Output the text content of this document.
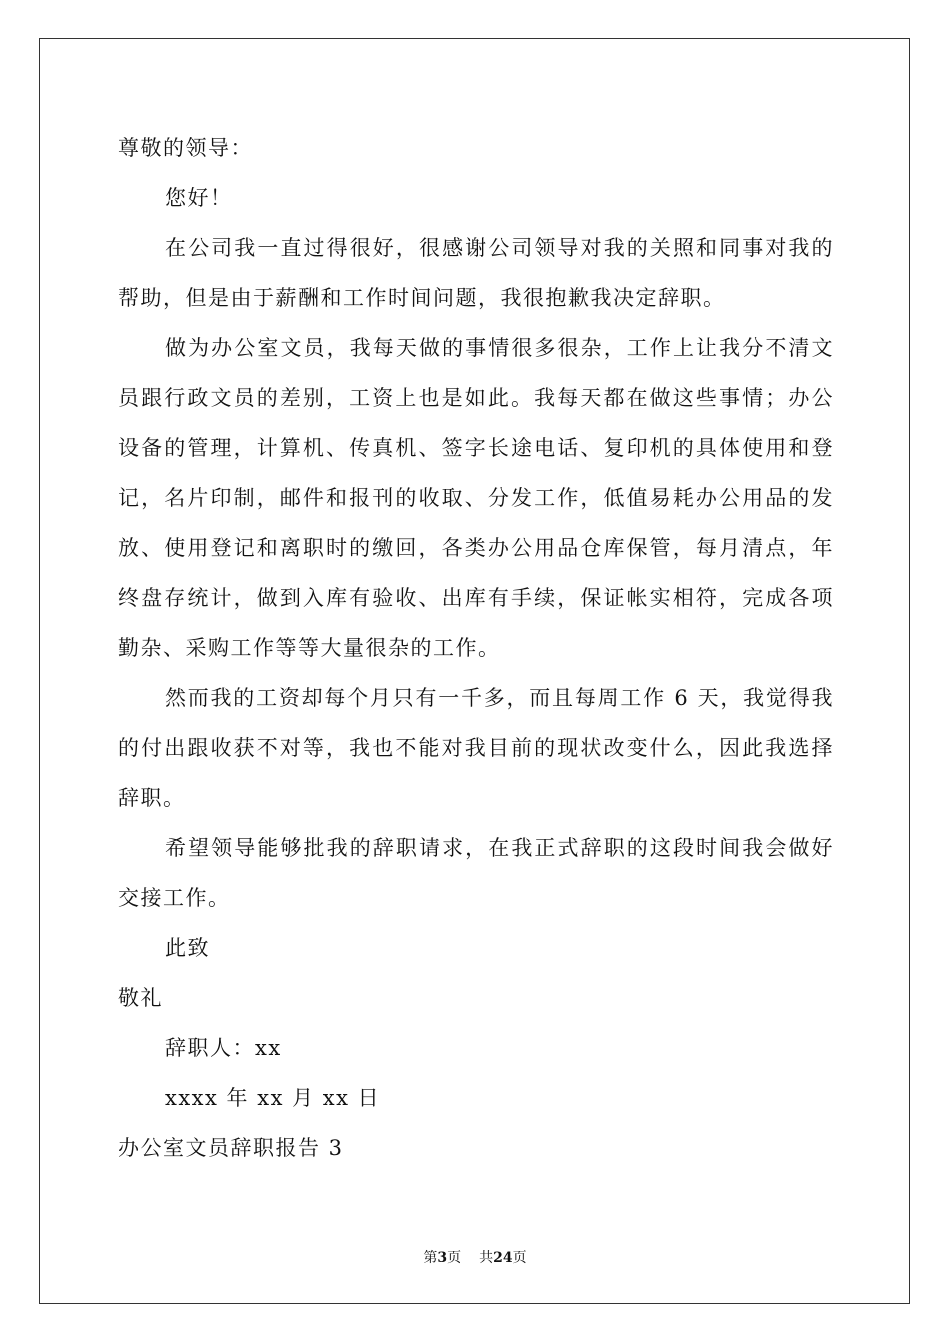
尊敬的领导：

您好！

在公司我一直过得很好，很感谢公司领导对我的关照和同事对我的帮助，但是由于薪酬和工作时间问题，我很抱歉我决定辞职。

做为办公室文员，我每天做的事情很多很杂，工作上让我分不清文员跟行政文员的差别，工资上也是如此。我每天都在做这些事情；办公设备的管理，计算机、传真机、签字长途电话、复印机的具体使用和登记，名片印制，邮件和报刊的收取、分发工作，低值易耗办公用品的发放、使用登记和离职时的缴回，各类办公用品仓库保管，每月清点，年终盘存统计，做到入库有验收、出库有手续，保证帐实相符，完成各项勤杂、采购工作等等大量很杂的工作。

然而我的工资却每个月只有一千多，而且每周工作 6 天，我觉得我的付出跟收获不对等，我也不能对我目前的现状改变什么，因此我选择辞职。

希望领导能够批我的辞职请求，在我正式辞职的这段时间我会做好交接工作。

此致

敬礼

辞职人：xx

xxxx 年 xx 月 xx 日

办公室文员辞职报告 3

第3页 共24页
